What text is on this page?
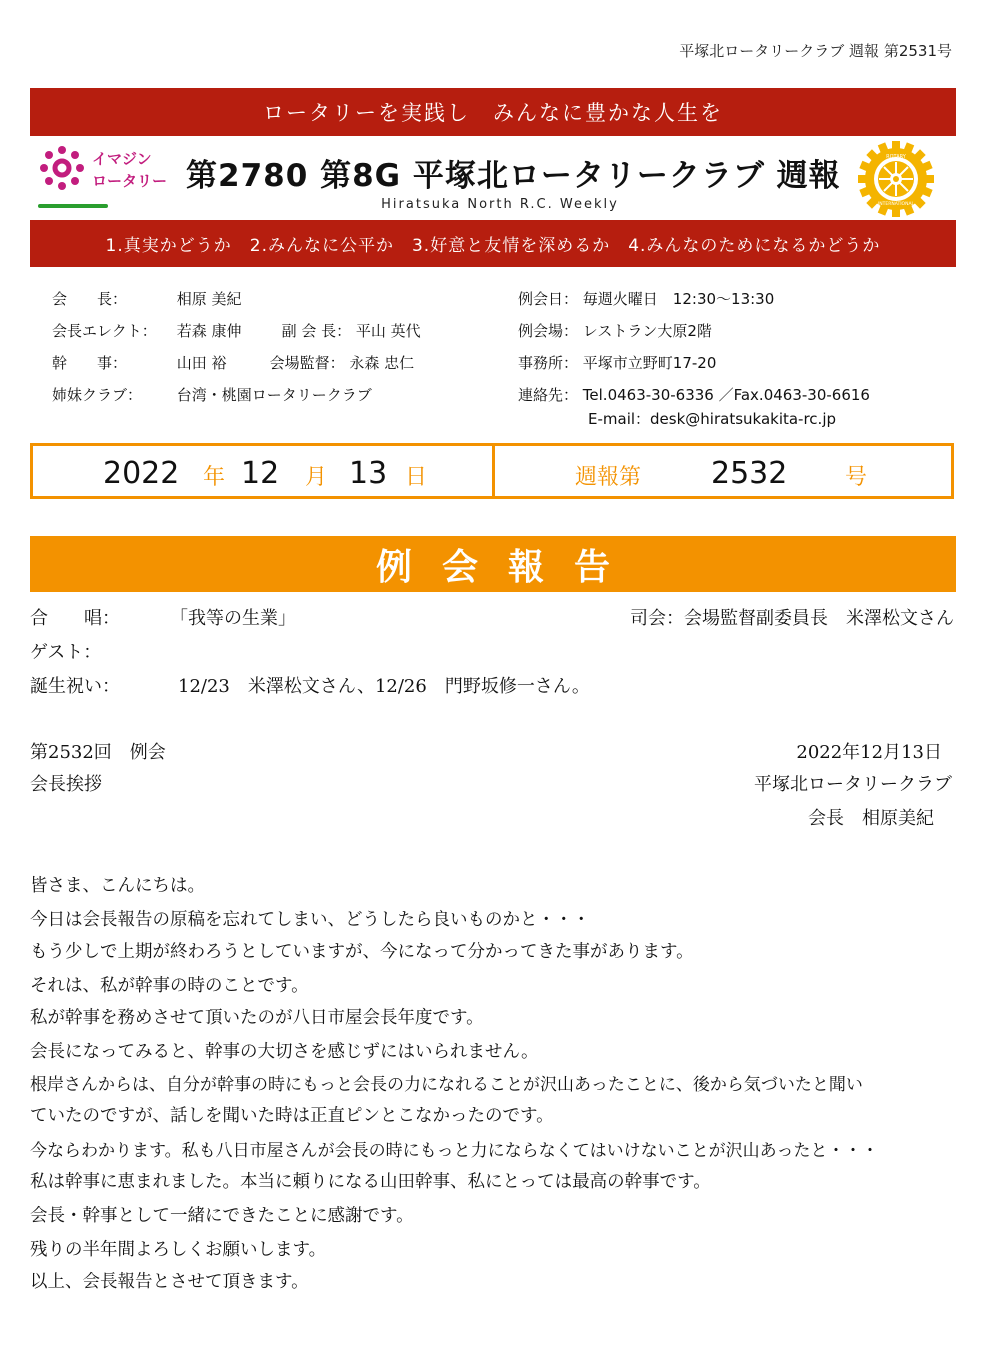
平塚北ロータリークラブ 週報 第2531号
ロータリーを実践し　みんなに豊かな人生を
イマジン
ロータリー 第2780 第8G 平塚北ロータリークラブ 週報
Hiratsuka North R.C. Weekly
ROTARY
INTERNATIONAL
1.真実かどうか　2.みんなに公平か　3.好意と友情を深めるか　4.みんなのためになるかどうか
会　　長：	相原 美紀
会長エレクト： 若森 康伸	副 会 長： 平山 英代
幹　　事：	山田 裕	会場監督： 永森 忠仁
姉妹クラブ： 台湾・桃園ロータリークラブ
例会日： 毎週火曜日　12:30〜13:30
例会場： レストラン大原2階
事務所： 平塚市立野町17-20
連絡先： Tel.0463-30-6336 ／Fax.0463-30-6616
E-mail：desk@hiratsukakita-rc.jp
2022 年 12 月 13 日	週報第 2532	号
例会報告
合　　唱：	「我等の生業」	司会：会場監督副委員長　米澤松文さん
ゲスト：
誕生祝い：	12/23　米澤松文さん、12/26　門野坂修一さん。
第2532回　例会	2022年12月13日
会長挨拶	平塚北ロータリークラブ
会長　相原美紀
皆さま、こんにちは。
今日は会長報告の原稿を忘れてしまい、どうしたら良いものかと・・・
もう少しで上期が終わろうとしていますが、今になって分かってきた事があります。
それは、私が幹事の時のことです。
私が幹事を務めさせて頂いたのが八日市屋会長年度です。
会長になってみると、幹事の大切さを感じずにはいられません。
根岸さんからは、自分が幹事の時にもっと会長の力になれることが沢山あったことに、後から気づいたと聞い
ていたのですが、話しを聞いた時は正直ピンとこなかったのです。
今ならわかります。私も八日市屋さんが会長の時にもっと力にならなくてはいけないことが沢山あったと・・・
私は幹事に恵まれました。本当に頼りになる山田幹事、私にとっては最高の幹事です。
会長・幹事として一緒にできたことに感謝です。
残りの半年間よろしくお願いします。
以上、会長報告とさせて頂きます。
